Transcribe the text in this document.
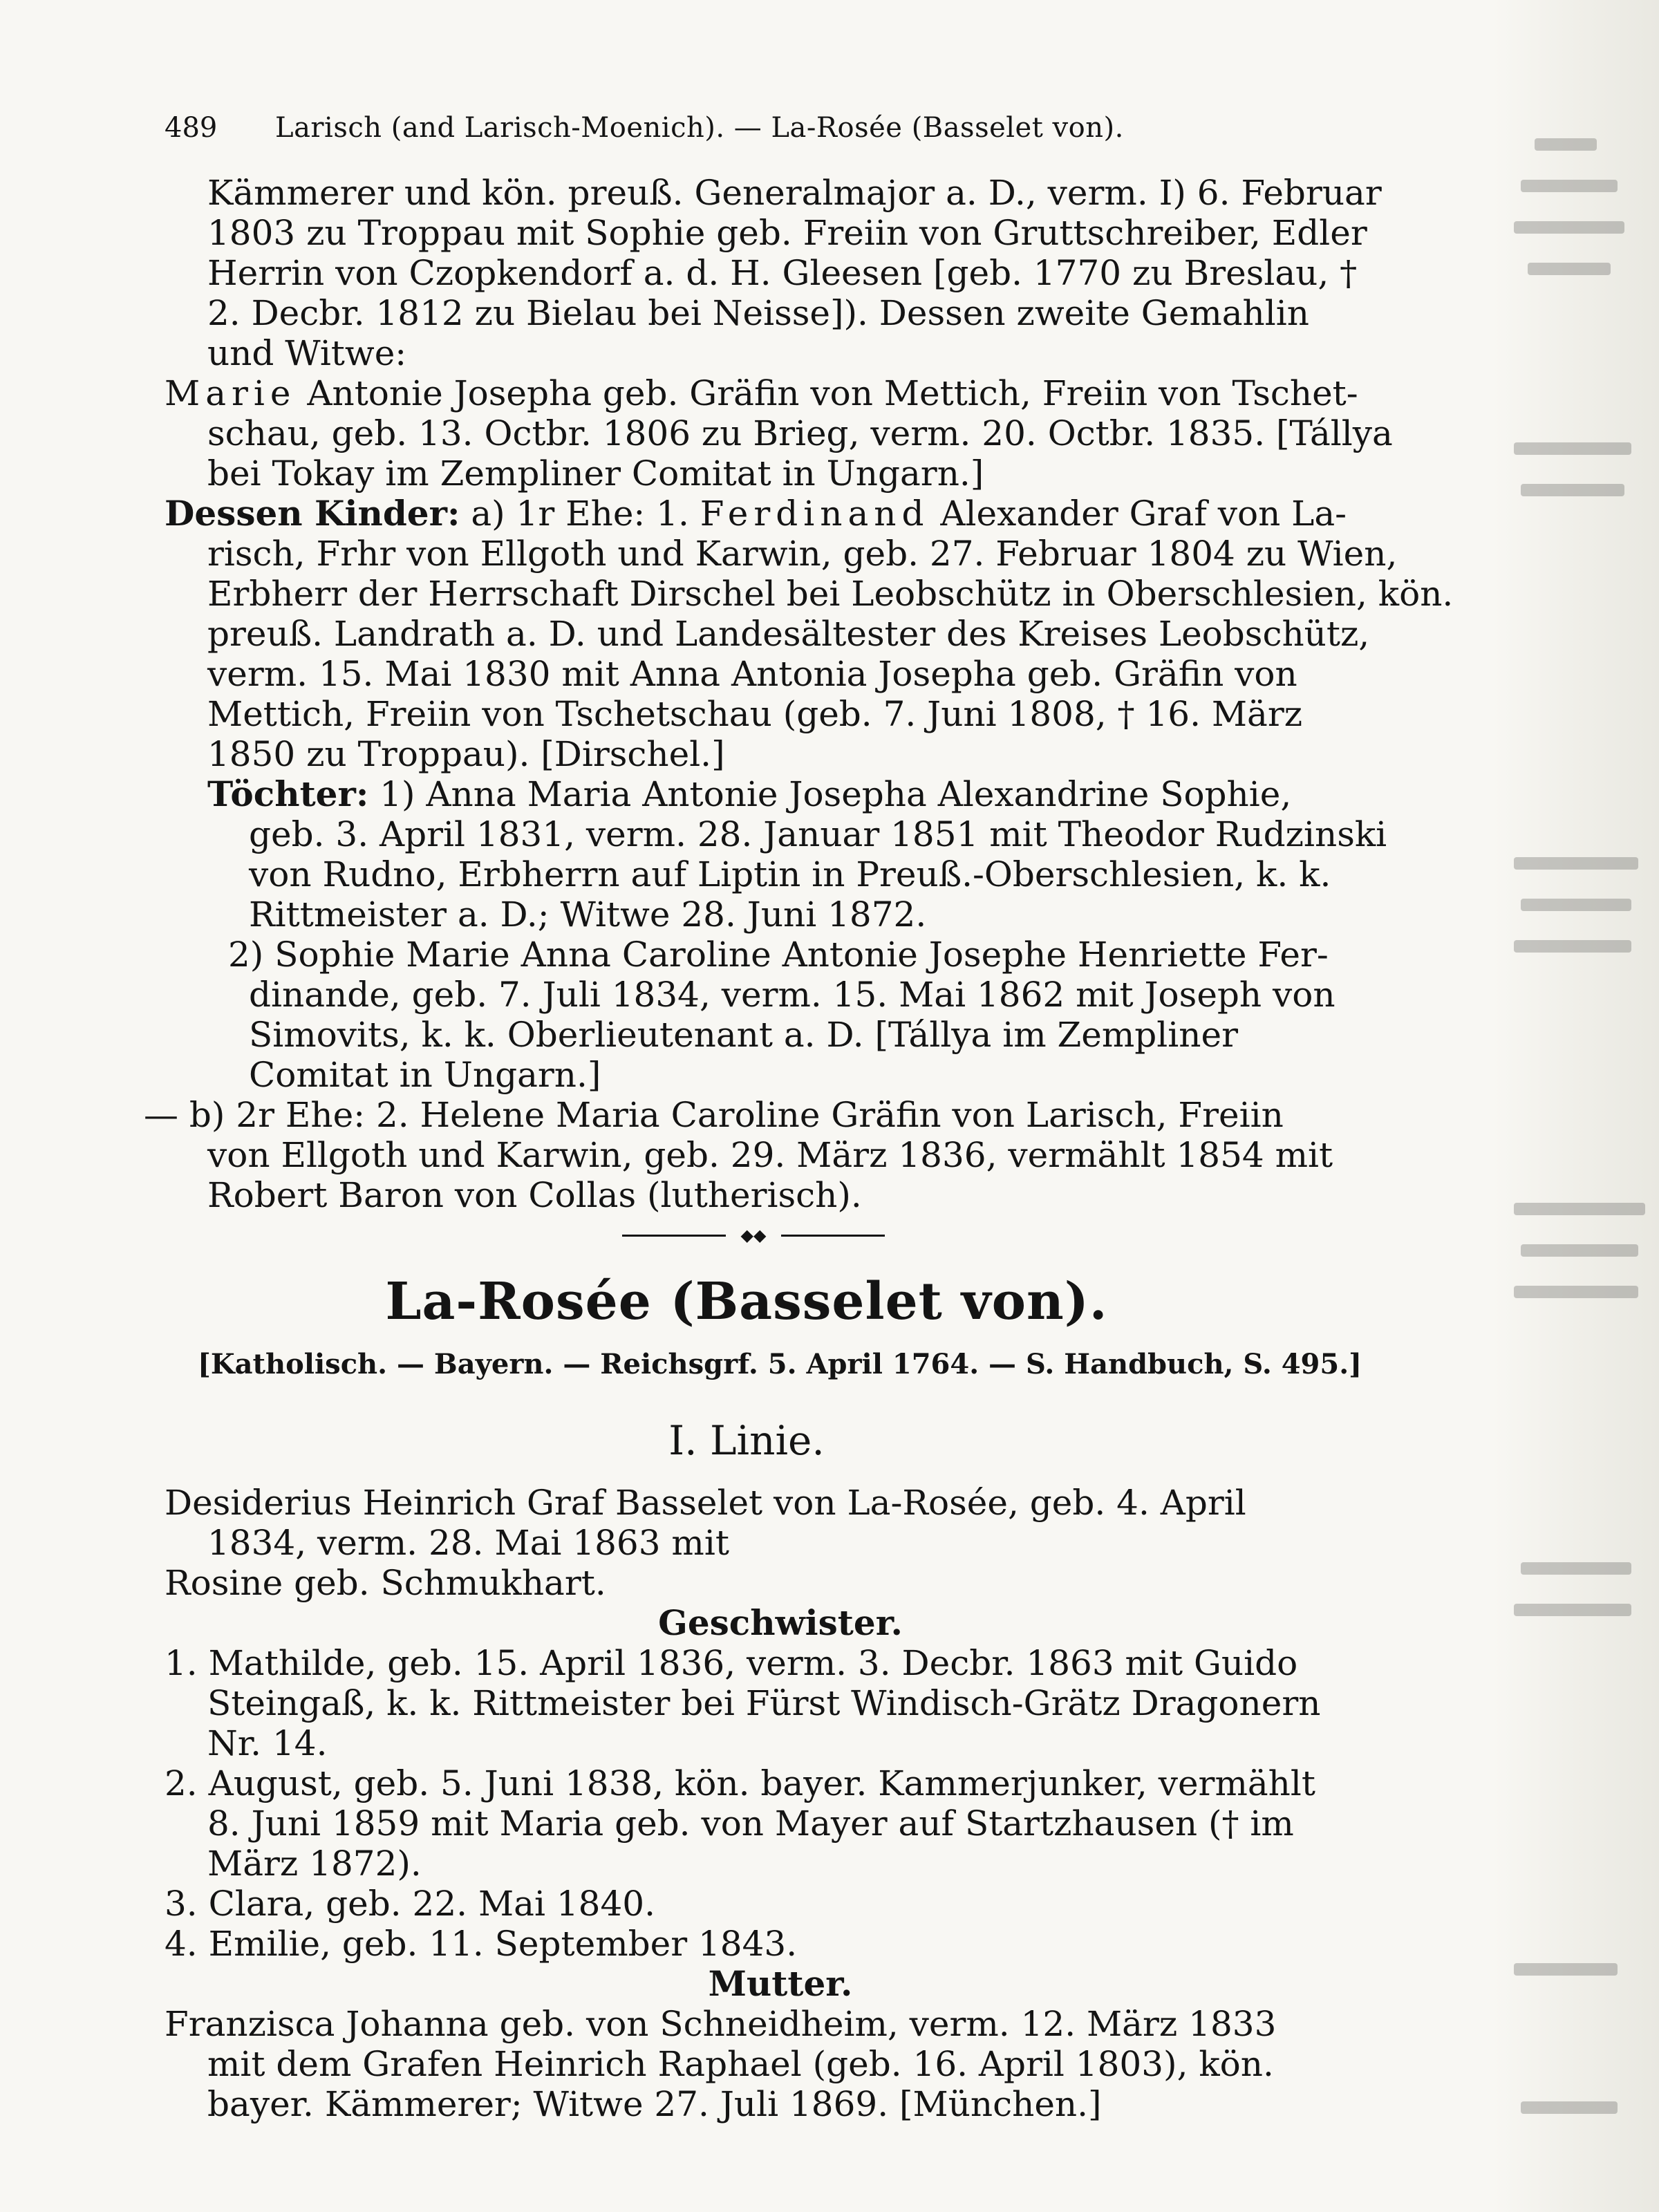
489	Larisch (and Larisch-Moenich). — La-Rosée (Basselet von).
Kämmerer und kön. preuß. Generalmajor a. D., verm. I) 6. Februar
1803 zu Troppau mit Sophie geb. Freiin von Gruttschreiber, Edler
Herrin von Czopkendorf a. d. H. Gleesen [geb. 1770 zu Breslau, †
2. Decbr. 1812 zu Bielau bei Neisse]). Dessen zweite Gemahlin
und Witwe:
Marie Antonie Josepha geb. Gräfin von Mettich, Freiin von Tschet-
schau, geb. 13. Octbr. 1806 zu Brieg, verm. 20. Octbr. 1835. [Tállya
bei Tokay im Zempliner Comitat in Ungarn.]
Dessen Kinder: a) 1r Ehe: 1. Ferdinand Alexander Graf von La-
risch, Frhr von Ellgoth und Karwin, geb. 27. Februar 1804 zu Wien,
Erbherr der Herrschaft Dirschel bei Leobschütz in Oberschlesien, kön.
preuß. Landrath a. D. und Landesältester des Kreises Leobschütz,
verm. 15. Mai 1830 mit Anna Antonia Josepha geb. Gräfin von
Mettich, Freiin von Tschetschau (geb. 7. Juni 1808, † 16. März
1850 zu Troppau). [Dirschel.]
Töchter: 1) Anna Maria Antonie Josepha Alexandrine Sophie,
geb. 3. April 1831, verm. 28. Januar 1851 mit Theodor Rudzinski
von Rudno, Erbherrn auf Liptin in Preuß.-Oberschlesien, k. k.
Rittmeister a. D.; Witwe 28. Juni 1872.
2) Sophie Marie Anna Caroline Antonie Josephe Henriette Fer-
dinande, geb. 7. Juli 1834, verm. 15. Mai 1862 mit Joseph von
Simovits, k. k. Oberlieutenant a. D. [Tállya im Zempliner
Comitat in Ungarn.]
— b) 2r Ehe: 2. Helene Maria Caroline Gräfin von Larisch, Freiin
von Ellgoth und Karwin, geb. 29. März 1836, vermählt 1854 mit
Robert Baron von Collas (lutherisch).
◆◆
La-Rosée (Basselet von).
[Katholisch. — Bayern. — Reichsgrf. 5. April 1764. — S. Handbuch, S. 495.]
I. Linie.
Desiderius Heinrich Graf Basselet von La-Rosée, geb. 4. April
1834, verm. 28. Mai 1863 mit
Rosine geb. Schmukhart.
Geschwister.
1. Mathilde, geb. 15. April 1836, verm. 3. Decbr. 1863 mit Guido
Steingaß, k. k. Rittmeister bei Fürst Windisch-Grätz Dragonern
Nr. 14.
2. August, geb. 5. Juni 1838, kön. bayer. Kammerjunker, vermählt
8. Juni 1859 mit Maria geb. von Mayer auf Startzhausen († im
März 1872).
3. Clara, geb. 22. Mai 1840.
4. Emilie, geb. 11. September 1843.
Mutter.
Franzisca Johanna geb. von Schneidheim, verm. 12. März 1833
mit dem Grafen Heinrich Raphael (geb. 16. April 1803), kön.
bayer. Kämmerer; Witwe 27. Juli 1869. [München.]
